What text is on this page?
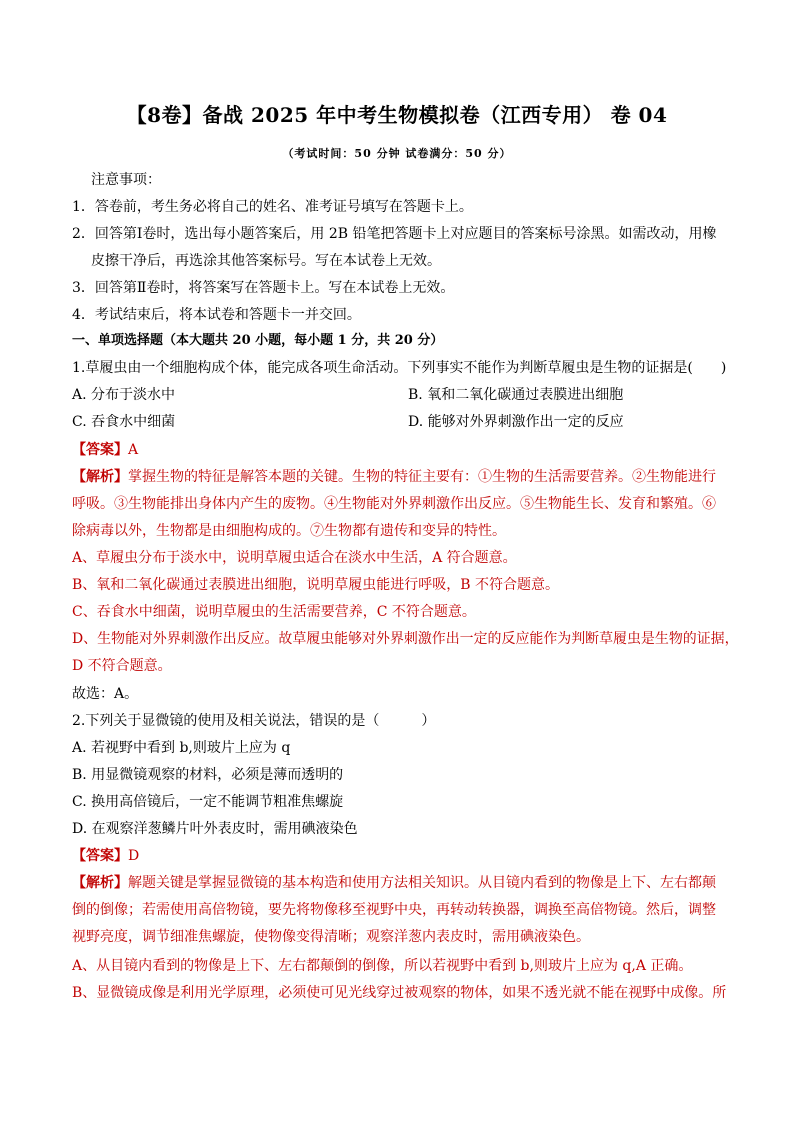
【8卷】备战 2025 年中考生物模拟卷（江西专用） 卷 04
（考试时间：50 分钟 试卷满分：50 分）
注意事项：
1．答卷前，考生务必将自己的姓名、准考证号填写在答题卡上。
2．回答第Ⅰ卷时，选出每小题答案后，用 2B 铅笔把答题卡上对应题目的答案标号涂黑。如需改动，用橡
皮擦干净后，再选涂其他答案标号。写在本试卷上无效。
3．回答第Ⅱ卷时，将答案写在答题卡上。写在本试卷上无效。
4．考试结束后，将本试卷和答题卡一并交回。
一、单项选择题（本大题共 20 小题，每小题 1 分，共 20 分）
1.草履虫由一个细胞构成个体，能完成各项生命活动。下列事实不能作为判断草履虫是生物的证据是(　　)
A. 分布于淡水中	B. 氧和二氧化碳通过表膜进出细胞
C. 吞食水中细菌	D. 能够对外界刺激作出一定的反应
【答案】A
【解析】掌握生物的特征是解答本题的关键。生物的特征主要有：①生物的生活需要营养。②生物能进行
呼吸。③生物能排出身体内产生的废物。④生物能对外界刺激作出反应。⑤生物能生长、发育和繁殖。⑥
除病毒以外，生物都是由细胞构成的。⑦生物都有遗传和变异的特性。
A、草履虫分布于淡水中，说明草履虫适合在淡水中生活，A 符合题意。
B、氧和二氧化碳通过表膜进出细胞，说明草履虫能进行呼吸，B 不符合题意。
C、吞食水中细菌，说明草履虫的生活需要营养，C 不符合题意。
D、生物能对外界刺激作出反应。故草履虫能够对外界刺激作出一定的反应能作为判断草履虫是生物的证据，
D 不符合题意。
故选：A。
2.下列关于显微镜的使用及相关说法，错误的是（　　　）
A. 若视野中看到 b,则玻片上应为 q
B. 用显微镜观察的材料，必须是薄而透明的
C. 换用高倍镜后，一定不能调节粗准焦螺旋
D. 在观察洋葱鳞片叶外表皮时，需用碘液染色
【答案】D
【解析】解题关键是掌握显微镜的基本构造和使用方法相关知识。从目镜内看到的物像是上下、左右都颠
倒的倒像；若需使用高倍物镜，要先将物像移至视野中央，再转动转换器，调换至高倍物镜。然后，调整
视野亮度，调节细准焦螺旋，使物像变得清晰；观察洋葱内表皮时，需用碘液染色。
A、从目镜内看到的物像是上下、左右都颠倒的倒像，所以若视野中看到 b,则玻片上应为 q,A 正确。
B、显微镜成像是利用光学原理，必须使可见光线穿过被观察的物体，如果不透光就不能在视野中成像。所
